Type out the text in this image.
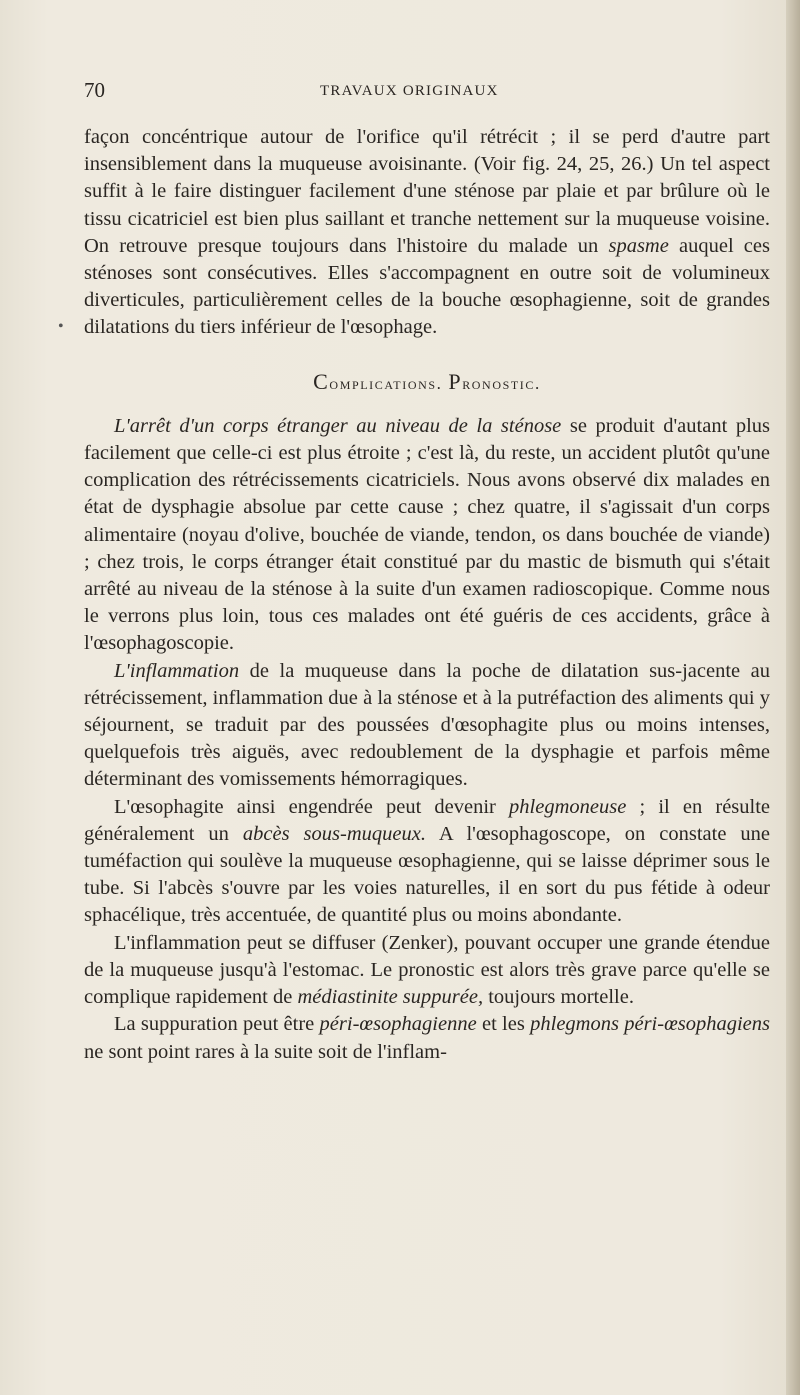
70	TRAVAUX ORIGINAUX
•

façon concéntrique autour de l'orifice qu'il rétrécit ; il se perd d'autre part insensiblement dans la muqueuse avoisinante. (Voir fig. 24, 25, 26.) Un tel aspect suffit à le faire distinguer facilement d'une sténose par plaie et par brûlure où le tissu cicatriciel est bien plus saillant et tranche nettement sur la muqueuse voisine. On retrouve presque toujours dans l'histoire du malade un spasme auquel ces sténoses sont consécutives. Elles s'accompagnent en outre soit de volumineux diverticules, particulièrement celles de la bouche œsophagienne, soit de grandes dilatations du tiers inférieur de l'œsophage.

Complications. Pronostic.

L'arrêt d'un corps étranger au niveau de la sténose se produit d'autant plus facilement que celle-ci est plus étroite ; c'est là, du reste, un accident plutôt qu'une complication des rétrécissements cicatriciels. Nous avons observé dix malades en état de dysphagie absolue par cette cause ; chez quatre, il s'agissait d'un corps alimentaire (noyau d'olive, bouchée de viande, tendon, os dans bouchée de viande) ; chez trois, le corps étranger était constitué par du mastic de bismuth qui s'était arrêté au niveau de la sténose à la suite d'un examen radioscopique. Comme nous le verrons plus loin, tous ces malades ont été guéris de ces accidents, grâce à l'œsophagoscopie.

L'inflammation de la muqueuse dans la poche de dilatation sus-jacente au rétrécissement, inflammation due à la sténose et à la putréfaction des aliments qui y séjournent, se traduit par des poussées d'œsophagite plus ou moins intenses, quelquefois très aiguës, avec redoublement de la dysphagie et parfois même déterminant des vomissements hémorragiques.

L'œsophagite ainsi engendrée peut devenir phlegmoneuse ; il en résulte généralement un abcès sous-muqueux. A l'œsophagoscope, on constate une tuméfaction qui soulève la muqueuse œsophagienne, qui se laisse déprimer sous le tube. Si l'abcès s'ouvre par les voies naturelles, il en sort du pus fétide à odeur sphacélique, très accentuée, de quantité plus ou moins abondante.

L'inflammation peut se diffuser (Zenker), pouvant occuper une grande étendue de la muqueuse jusqu'à l'estomac. Le pronostic est alors très grave parce qu'elle se complique rapidement de médiastinite suppurée, toujours mortelle.

La suppuration peut être péri-œsophagienne et les phlegmons péri-œsophagiens ne sont point rares à la suite soit de l'inflam-
